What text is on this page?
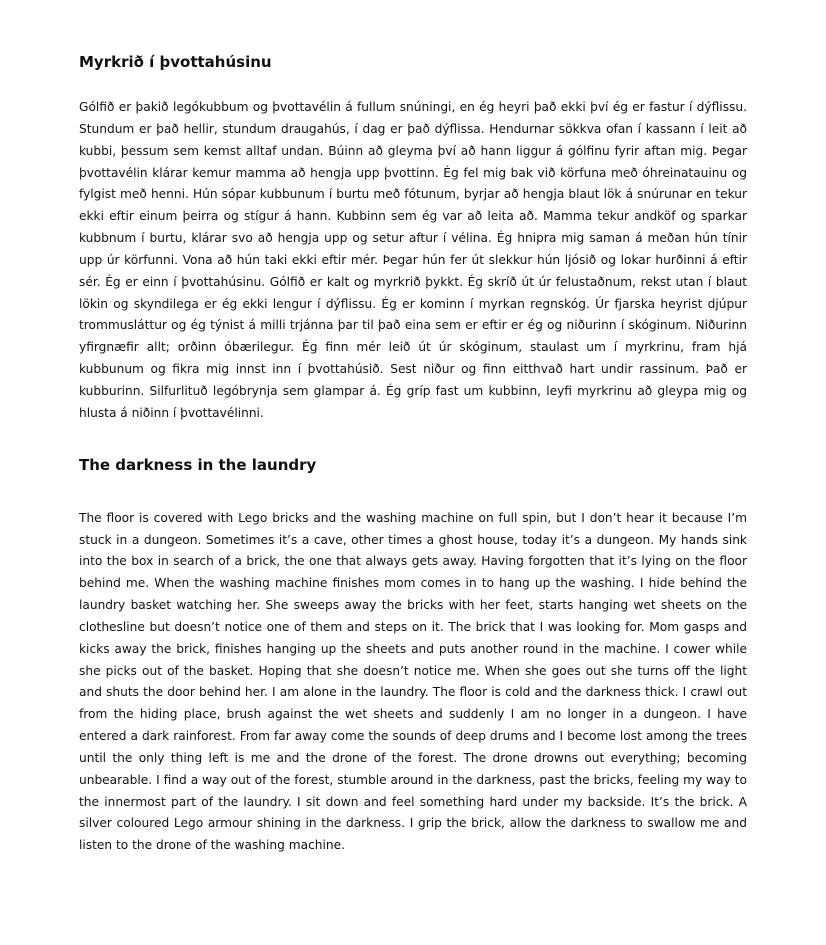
Myrkrið í þvottahúsinu

Gólfið er þakið legókubbum og þvottavélin á fullum snúningi, en ég heyri það ekki því ég er fastur í dýflissu. Stundum er það hellir, stundum draugahús, í dag er það dýflissa. Hendurnar sökkva ofan í kassann í leit að kubbi, þessum sem kemst alltaf undan. Búinn að gleyma því að hann liggur á gólfinu fyrir aftan mig. Þegar þvottavélin klárar kemur mamma að hengja upp þvottinn. Ég fel mig bak við körfuna með óhreinatauinu og fylgist með henni. Hún sópar kubbunum í burtu með fótunum, byrjar að hengja blaut lök á snúrunar en tekur ekki eftir einum þeirra og stígur á hann. Kubbinn sem ég var að leita að. Mamma tekur andköf og sparkar kubbnum í burtu, klárar svo að hengja upp og setur aftur í vélina. Ég hnipra mig saman á meðan hún tínir upp úr körfunni. Vona að hún taki ekki eftir mér. Þegar hún fer út slekkur hún ljósið og lokar hurðinni á eftir sér. Ég er einn í þvottahúsinu. Gólfið er kalt og myrkrið þykkt. Ég skríð út úr felustaðnum, rekst utan í blaut lökin og skyndilega er ég ekki lengur í dýflissu. Ég er kominn í myrkan regnskóg. Úr fjarska heyrist djúpur trommusláttur og ég týnist á milli trjánna þar til það eina sem er eftir er ég og niðurinn í skóginum. Niðurinn yfirgnæfir allt; orðinn óbærilegur. Ég finn mér leið út úr skóginum, staulast um í myrkrinu, fram hjá kubbunum og fikra mig innst inn í þvottahúsið. Sest niður og finn eitthvað hart undir rassinum. Það er kubburinn. Silfurlituð legóbrynja sem glampar á. Ég gríp fast um kubbinn, leyfi myrkrinu að gleypa mig og hlusta á niðinn í þvottavélinni.

The darkness in the laundry

The floor is covered with Lego bricks and the washing machine on full spin, but I don’t hear it because I’m stuck in a dungeon. Sometimes it’s a cave, other times a ghost house, today it’s a dungeon. My hands sink into the box in search of a brick, the one that always gets away. Having forgotten that it’s lying on the floor behind me. When the washing machine finishes mom comes in to hang up the washing. I hide behind the laundry basket watching her. She sweeps away the bricks with her feet, starts hanging wet sheets on the clothesline but doesn’t notice one of them and steps on it. The brick that I was looking for. Mom gasps and kicks away the brick, finishes hanging up the sheets and puts another round in the machine. I cower while she picks out of the basket. Hoping that she doesn’t notice me. When she goes out she turns off the light and shuts the door behind her. I am alone in the laundry. The floor is cold and the darkness thick. I crawl out from the hiding place, brush against the wet sheets and suddenly I am no longer in a dungeon. I have entered a dark rainforest. From far away come the sounds of deep drums and I become lost among the trees until the only thing left is me and the drone of the forest. The drone drowns out everything; becoming unbearable. I find a way out of the forest, stumble around in the darkness, past the bricks, feeling my way to the innermost part of the laundry. I sit down and feel something hard under my backside. It’s the brick. A silver coloured Lego armour shining in the darkness. I grip the brick, allow the darkness to swallow me and listen to the drone of the washing machine.
